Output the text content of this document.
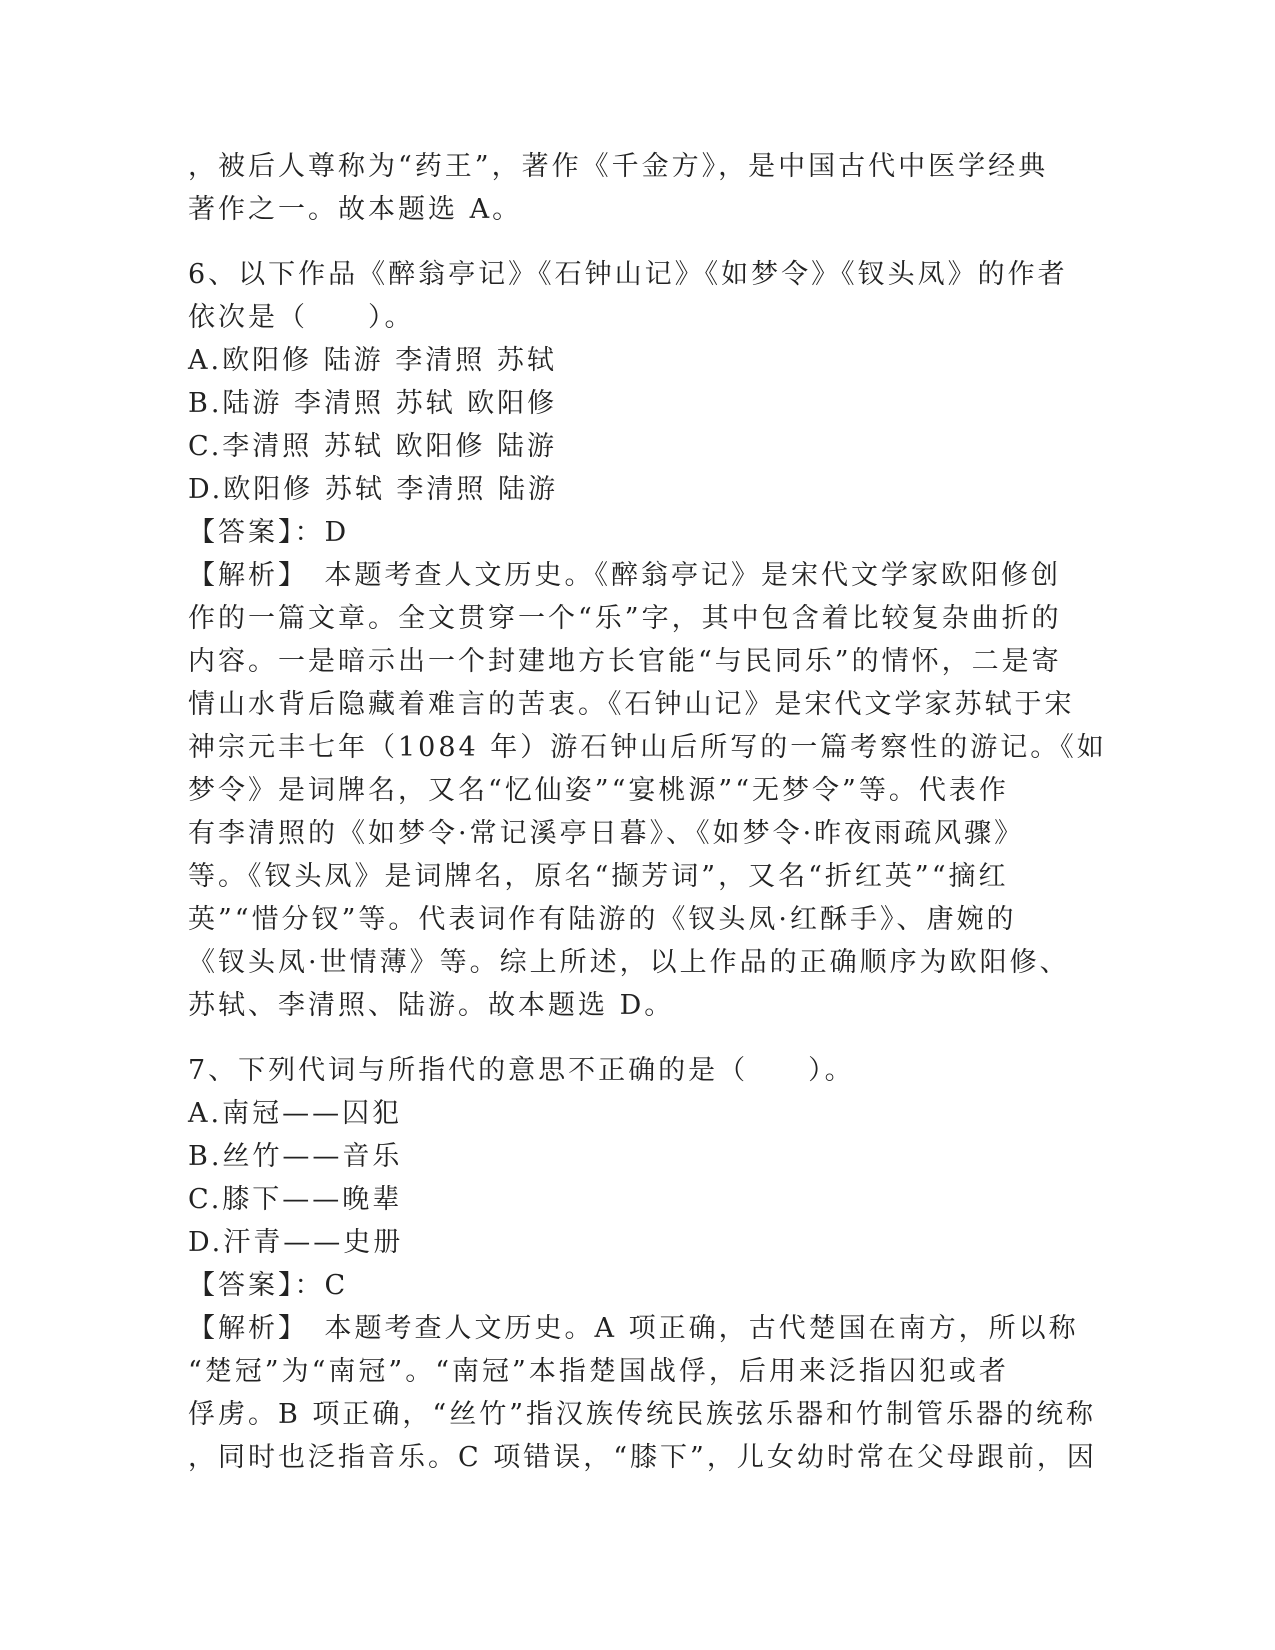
，被后人尊称为“药王”，著作《千金方》，是中国古代中医学经典
著作之一。故本题选 A。
6、以下作品《醉翁亭记》《石钟山记》《如梦令》《钗头凤》的作者
依次是（　　）。
A.欧阳修 陆游 李清照 苏轼
B.陆游 李清照 苏轼 欧阳修
C.李清照 苏轼 欧阳修 陆游
D.欧阳修 苏轼 李清照 陆游
【答案】：D
【解析】　本题考查人文历史。《醉翁亭记》是宋代文学家欧阳修创
作的一篇文章。全文贯穿一个“乐”字，其中包含着比较复杂曲折的
内容。一是暗示出一个封建地方长官能“与民同乐”的情怀，二是寄
情山水背后隐藏着难言的苦衷。《石钟山记》是宋代文学家苏轼于宋
神宗元丰七年（1084 年）游石钟山后所写的一篇考察性的游记。《如
梦令》是词牌名，又名“忆仙姿”“宴桃源”“无梦令”等。代表作
有李清照的《如梦令·常记溪亭日暮》、《如梦令·昨夜雨疏风骤》
等。《钗头凤》是词牌名，原名“撷芳词”，又名“折红英”“摘红
英”“惜分钗”等。代表词作有陆游的《钗头凤·红酥手》、唐婉的
《钗头凤·世情薄》等。综上所述，以上作品的正确顺序为欧阳修、
苏轼、李清照、陆游。故本题选 D。
7、下列代词与所指代的意思不正确的是（　　）。
A.南冠——囚犯
B.丝竹——音乐
C.膝下——晚辈
D.汗青——史册
【答案】：C
【解析】　本题考查人文历史。A 项正确，古代楚国在南方，所以称
“楚冠”为“南冠”。“南冠”本指楚国战俘，后用来泛指囚犯或者
俘虏。B 项正确，“丝竹”指汉族传统民族弦乐器和竹制管乐器的统称
，同时也泛指音乐。C 项错误，“膝下”，儿女幼时常在父母跟前，因
